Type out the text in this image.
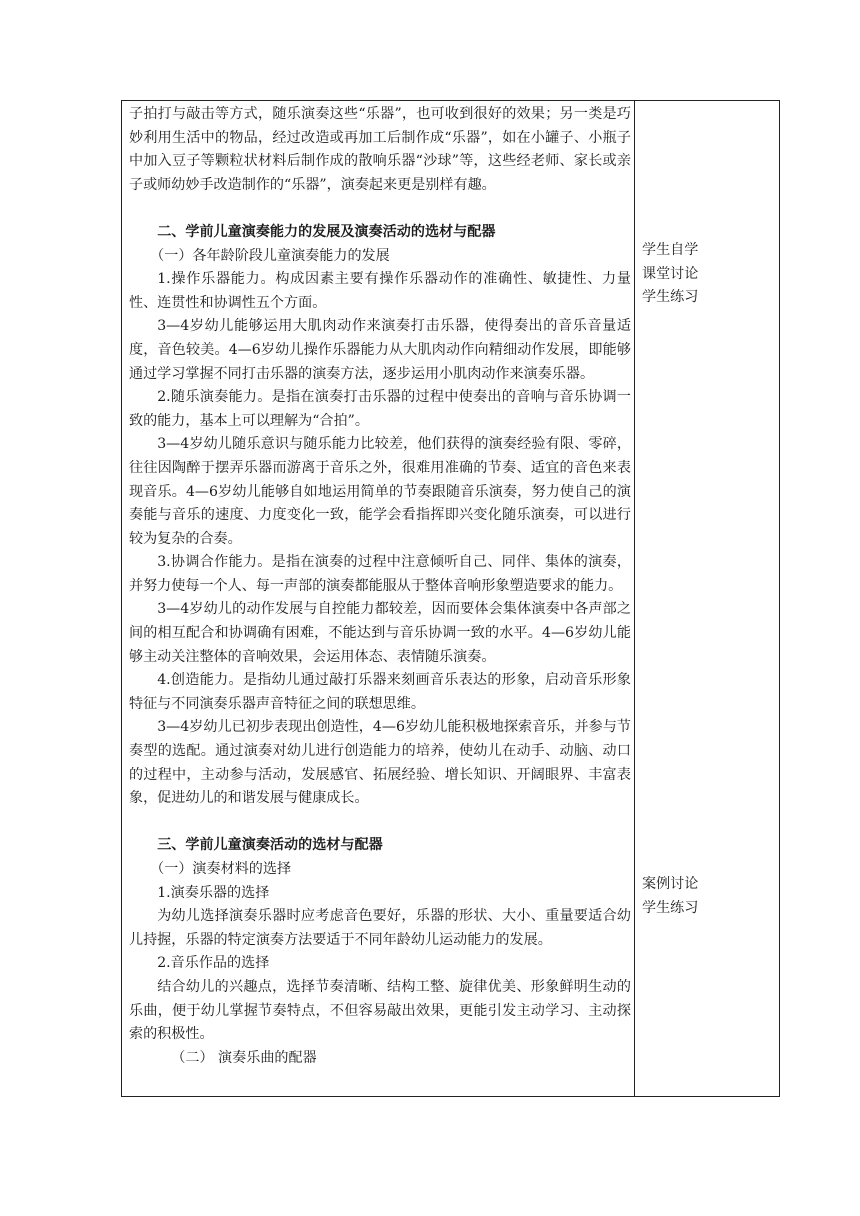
子拍打与敲击等方式，随乐演奏这些“乐器”，也可收到很好的效果；另一类是巧妙利用生活中的物品，经过改造或再加工后制作成“乐器”，如在小罐子、小瓶子中加入豆子等颗粒状材料后制作成的散响乐器“沙球”等，这些经老师、家长或亲子或师幼妙手改造制作的“乐器”，演奏起来更是别样有趣。

二、学前儿童演奏能力的发展及演奏活动的选材与配器

（一）各年龄阶段儿童演奏能力的发展

1.操作乐器能力。构成因素主要有操作乐器动作的准确性、敏捷性、力量性、连贯性和协调性五个方面。

3—4岁幼儿能够运用大肌肉动作来演奏打击乐器，使得奏出的音乐音量适度，音色较美。4—6岁幼儿操作乐器能力从大肌肉动作向精细动作发展，即能够通过学习掌握不同打击乐器的演奏方法，逐步运用小肌肉动作来演奏乐器。

2.随乐演奏能力。是指在演奏打击乐器的过程中使奏出的音响与音乐协调一致的能力，基本上可以理解为“合拍”。

3—4岁幼儿随乐意识与随乐能力比较差，他们获得的演奏经验有限、零碎，往往因陶醉于摆弄乐器而游离于音乐之外，很难用准确的节奏、适宜的音色来表现音乐。4—6岁幼儿能够自如地运用简单的节奏跟随音乐演奏，努力使自己的演奏能与音乐的速度、力度变化一致，能学会看指挥即兴变化随乐演奏，可以进行较为复杂的合奏。

3.协调合作能力。是指在演奏的过程中注意倾听自己、同伴、集体的演奏，并努力使每一个人、每一声部的演奏都能服从于整体音响形象塑造要求的能力。

3—4岁幼儿的动作发展与自控能力都较差，因而要体会集体演奏中各声部之间的相互配合和协调确有困难，不能达到与音乐协调一致的水平。4—6岁幼儿能够主动关注整体的音响效果，会运用体态、表情随乐演奏。

4.创造能力。是指幼儿通过敲打乐器来刻画音乐表达的形象，启动音乐形象特征与不同演奏乐器声音特征之间的联想思维。

3—4岁幼儿已初步表现出创造性，4—6岁幼儿能积极地探索音乐，并参与节奏型的选配。通过演奏对幼儿进行创造能力的培养，使幼儿在动手、动脑、动口的过程中，主动参与活动，发展感官、拓展经验、增长知识、开阔眼界、丰富表象，促进幼儿的和谐发展与健康成长。

三、学前儿童演奏活动的选材与配器

（一）演奏材料的选择

1.演奏乐器的选择

为幼儿选择演奏乐器时应考虑音色要好，乐器的形状、大小、重量要适合幼儿持握，乐器的特定演奏方法要适于不同年龄幼儿运动能力的发展。

2.音乐作品的选择

结合幼儿的兴趣点，选择节奏清晰、结构工整、旋律优美、形象鲜明生动的乐曲，便于幼儿掌握节奏特点，不但容易敲出效果，更能引发主动学习、主动探索的积极性。

（二） 演奏乐曲的配器

学生自学
课堂讨论
学生练习
案例讨论
学生练习
